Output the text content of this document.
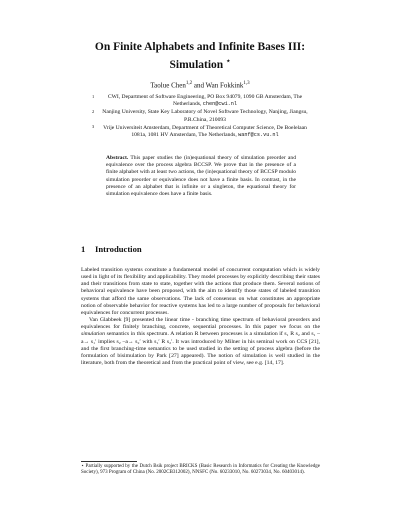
On Finite Alphabets and Infinite Bases III:
Simulation ⋆
Taolue Chen$^{1,2}$ and Wan Fokkink$^{1,3}$
1 CWI, Department of Software Engineering, PO Box 94079, 1090 GB Amsterdam, The Netherlands, chen@cwi.nl
2 Nanjing University, State Key Laboratory of Novel Software Technology, Nanjing, Jiangsu, P.R.China, 210093
3 Vrije Universiteit Amsterdam, Department of Theoretical Computer Science, De Boelelaan 1081a, 1081 HV Amsterdam, The Netherlands, wanf@cs.vu.nl
Abstract. This paper studies the (in)equational theory of simulation preorder and equivalence over the process algebra BCCSP. We prove that in the presence of a finite alphabet with at least two actions, the (in)equational theory of BCCSP modulo simulation preorder or equivalence does not have a finite basis. In contrast, in the presence of an alphabet that is infinite or a singleton, the equational theory for simulation equivalence does have a finite basis.
1 Introduction

Labeled transition systems constitute a fundamental model of concurrent computation which is widely used in light of its flexibility and applicability. They model processes by explicitly describing their states and their transitions from state to state, together with the actions that produce them. Several notions of behavioral equivalence have been proposed, with the aim to identify those states of labeled transition systems that afford the same observations. The lack of consensus on what constitutes an appropriate notion of observable behavior for reactive systems has led to a large number of proposals for behavioral equivalences for concurrent processes.

Van Glabbeek [9] presented the linear time - branching time spectrum of behavioral preorders and equivalences for finitely branching, concrete, sequential processes. In this paper we focus on the simulation semantics in this spectrum. A relation R between processes is a simulation if s₁ R s₂ and s₁ –a→ s₁′ implies s₂ –a→ s₂′ with s₁′ R s₂′. It was introduced by Milner in his seminal work on CCS [21], and the first branching-time semantics to be used studied in the setting of process algebra (before the formulation of bisimulation by Park [27] appeared). The notion of simulation is well studied in the literature, both from the theoretical and from the practical point of view, see e.g. [14, 17].

⋆ Partially supported by the Dutch Bsik project BRICKS (Basic Research in Informatics for Creating the Knowledge Society), 973 Program of China (No. 2002CB312002), NNSFC (No. 60233010, No. 60273034, No. 60403014).
